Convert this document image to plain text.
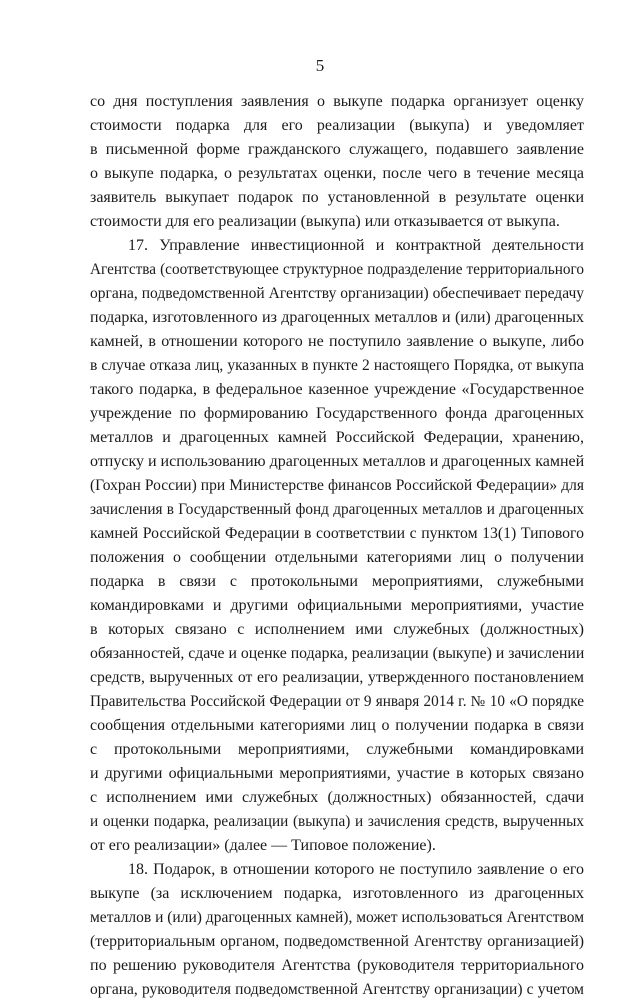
5
со дня поступления заявления о выкупе подарка организует оценку
стоимости подарка для его реализации (выкупа) и уведомляет
в письменной форме гражданского служащего, подавшего заявление
о выкупе подарка, о результатах оценки, после чего в течение месяца
заявитель выкупает подарок по установленной в результате оценки
стоимости для его реализации (выкупа) или отказывается от выкупа.
17. Управление инвестиционной и контрактной деятельности
Агентства (соответствующее структурное подразделение территориального
органа, подведомственной Агентству организации) обеспечивает передачу
подарка, изготовленного из драгоценных металлов и (или) драгоценных
камней, в отношении которого не поступило заявление о выкупе, либо
в случае отказа лиц, указанных в пункте 2 настоящего Порядка, от выкупа
такого подарка, в федеральное казенное учреждение «Государственное
учреждение по формированию Государственного фонда драгоценных
металлов и драгоценных камней Российской Федерации, хранению,
отпуску и использованию драгоценных металлов и драгоценных камней
(Гохран России) при Министерстве финансов Российской Федерации» для
зачисления в Государственный фонд драгоценных металлов и драгоценных
камней Российской Федерации в соответствии с пунктом 13(1) Типового
положения о сообщении отдельными категориями лиц о получении
подарка в связи с протокольными мероприятиями, служебными
командировками и другими официальными мероприятиями, участие
в которых связано с исполнением ими служебных (должностных)
обязанностей, сдаче и оценке подарка, реализации (выкупе) и зачислении
средств, вырученных от его реализации, утвержденного постановлением
Правительства Российской Федерации от 9 января 2014 г. № 10 «О порядке
сообщения отдельными категориями лиц о получении подарка в связи
с протокольными мероприятиями, служебными командировками
и другими официальными мероприятиями, участие в которых связано
с исполнением ими служебных (должностных) обязанностей, сдачи
и оценки подарка, реализации (выкупа) и зачисления средств, вырученных
от его реализации» (далее — Типовое положение).
18. Подарок, в отношении которого не поступило заявление о его
выкупе (за исключением подарка, изготовленного из драгоценных
металлов и (или) драгоценных камней), может использоваться Агентством
(территориальным органом, подведомственной Агентству организацией)
по решению руководителя Агентства (руководителя территориального
органа, руководителя подведомственной Агентству организации) с учетом
